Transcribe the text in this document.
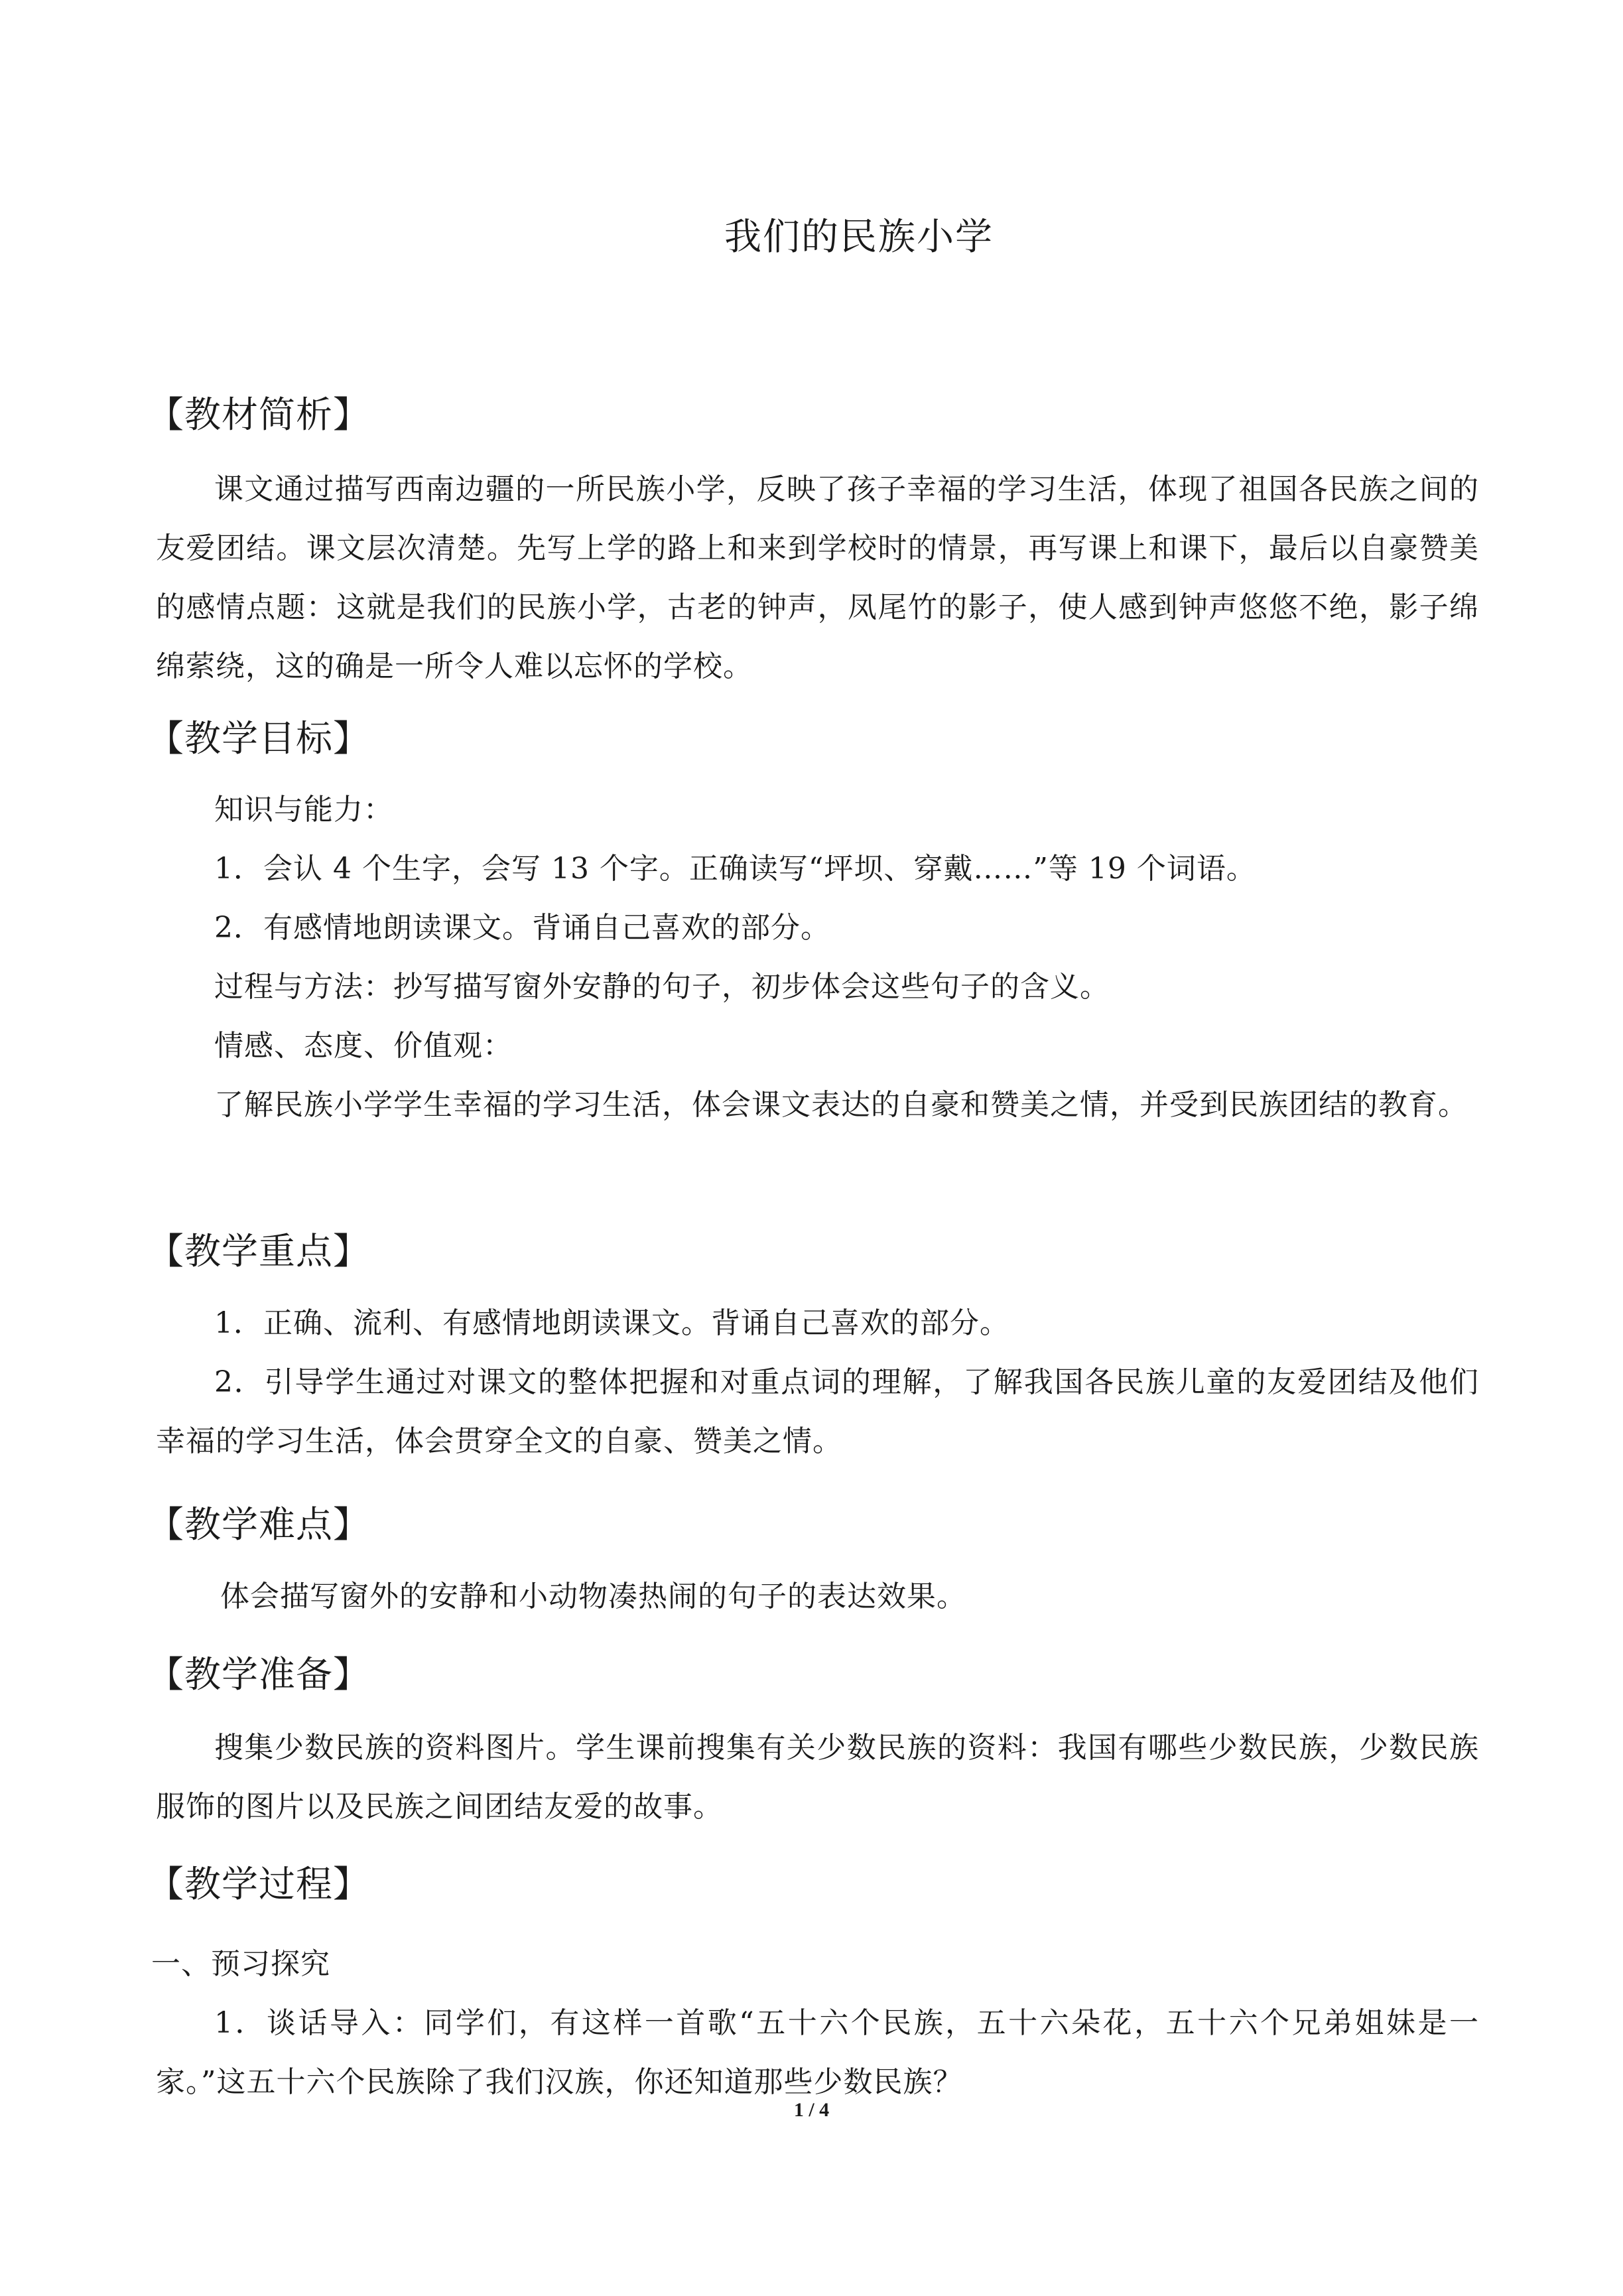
我们的民族小学
【教材简析】

课文通过描写西南边疆的一所民族小学，反映了孩子幸福的学习生活，体现了祖国各民族之间的友爱团结。课文层次清楚。先写上学的路上和来到学校时的情景，再写课上和课下，最后以自豪赞美的感情点题：这就是我们的民族小学，古老的钟声，凤尾竹的影子，使人感到钟声悠悠不绝，影子绵绵萦绕，这的确是一所令人难以忘怀的学校。

【教学目标】

知识与能力：

1．会认 4 个生字，会写 13 个字。正确读写“坪坝、穿戴……”等 19 个词语。

2．有感情地朗读课文。背诵自己喜欢的部分。

过程与方法：抄写描写窗外安静的句子，初步体会这些句子的含义。

情感、态度、价值观：

了解民族小学学生幸福的学习生活，体会课文表达的自豪和赞美之情，并受到民族团结的教育。

【教学重点】

1．正确、流利、有感情地朗读课文。背诵自己喜欢的部分。

2．引导学生通过对课文的整体把握和对重点词的理解，了解我国各民族儿童的友爱团结及他们幸福的学习生活，体会贯穿全文的自豪、赞美之情。

【教学难点】

体会描写窗外的安静和小动物凑热闹的句子的表达效果。

【教学准备】

搜集少数民族的资料图片。学生课前搜集有关少数民族的资料：我国有哪些少数民族，少数民族服饰的图片以及民族之间团结友爱的故事。

【教学过程】

一、预习探究

1．谈话导入：同学们，有这样一首歌“五十六个民族，五十六朵花，五十六个兄弟姐妹是一家。”这五十六个民族除了我们汉族，你还知道那些少数民族？

1 / 4
